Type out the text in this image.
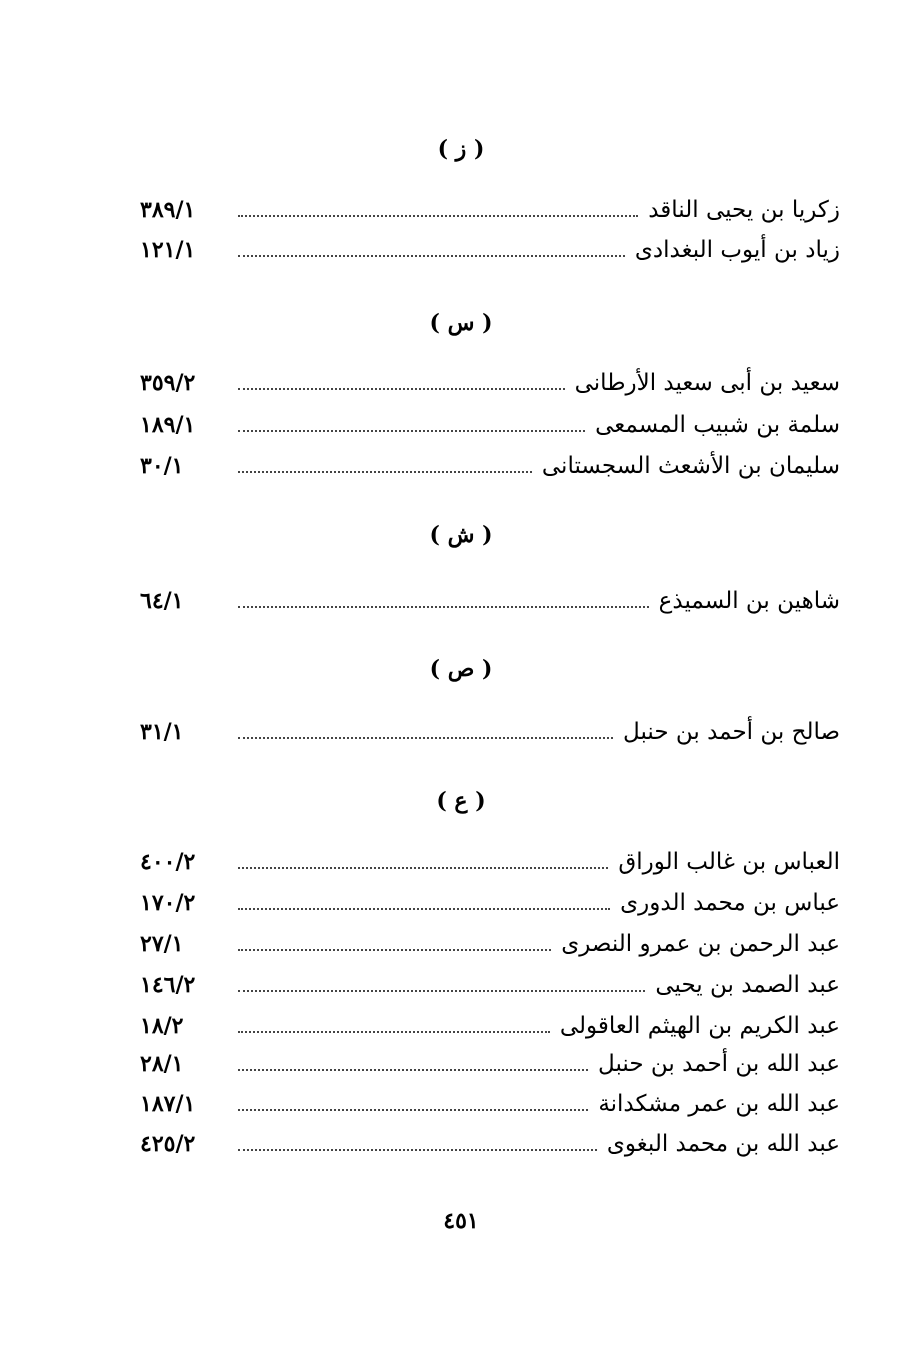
( ز )
زكريا بن يحيى الناقد
٣٨٩/١
زياد بن أيوب البغدادى
١٢١/١
( س )
سعيد بن أبى سعيد الأرطانى
٣٥٩/٢
سلمة بن شبيب المسمعى
١٨٩/١
سليمان بن الأشعث السجستانى
٣٠/١
( ش )
شاهين بن السميذع
٦٤/١
( ص )
صالح بن أحمد بن حنبل
٣١/١
( ع )
العباس بن غالب الوراق
٤٠٠/٢
عباس بن محمد الدورى
١٧٠/٢
عبد الرحمن بن عمرو النصرى
٢٧/١
عبد الصمد بن يحيى
١٤٦/٢
عبد الكريم بن الهيثم العاقولى
١٨/٢
عبد الله بن أحمد بن حنبل
٢٨/١
عبد الله بن عمر مشكدانة
١٨٧/١
عبد الله بن محمد البغوى
٤٢٥/٢
٤٥١
